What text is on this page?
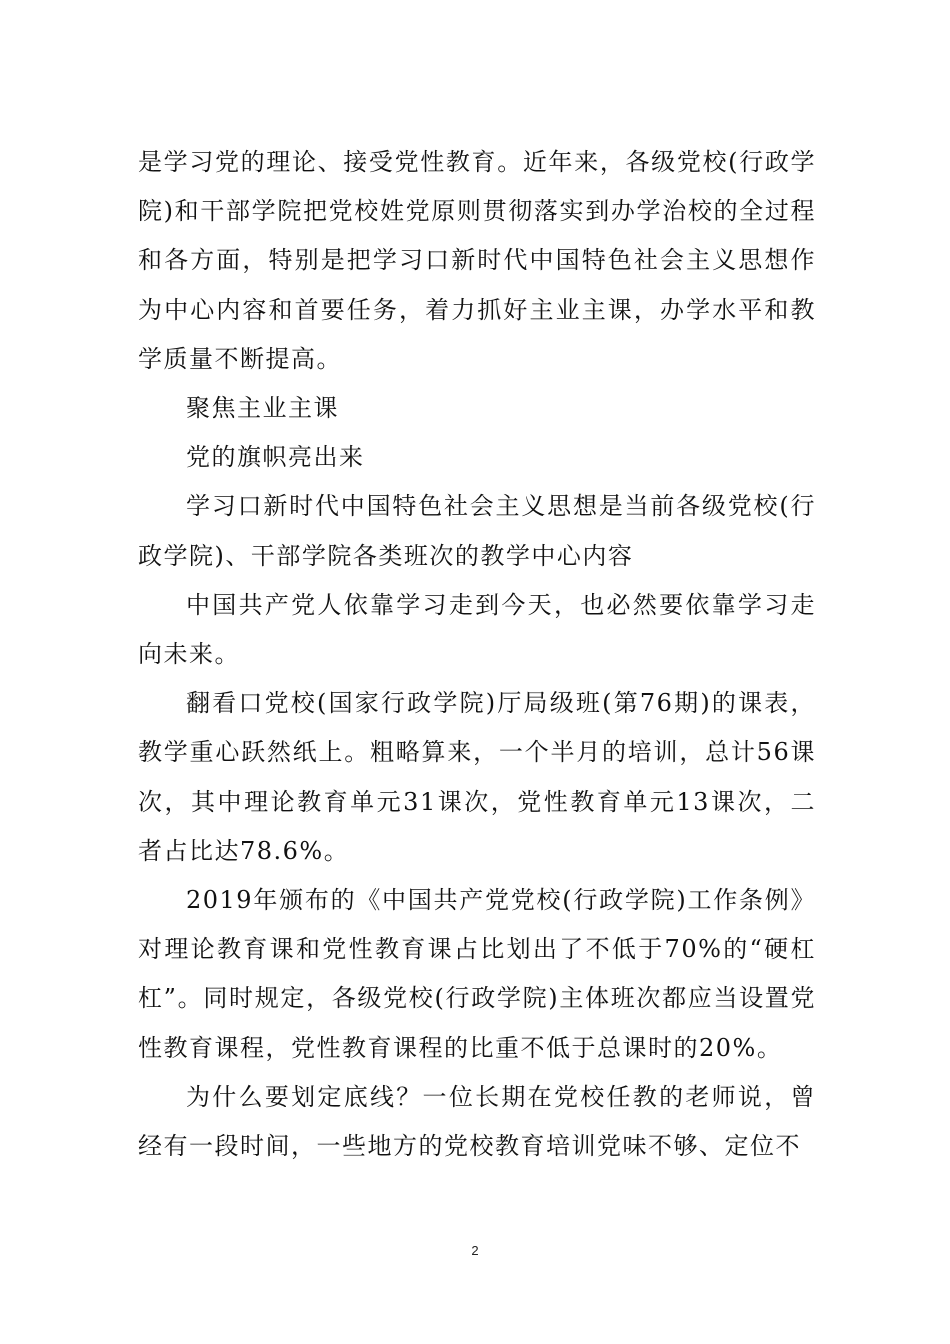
是学习党的理论、接受党性教育。近年来，各级党校(行政学院)和干部学院把党校姓党原则贯彻落实到办学治校的全过程和各方面，特别是把学习口新时代中国特色社会主义思想作为中心内容和首要任务，着力抓好主业主课，办学水平和教学质量不断提高。

聚焦主业主课

党的旗帜亮出来

学习口新时代中国特色社会主义思想是当前各级党校(行政学院)、干部学院各类班次的教学中心内容

中国共产党人依靠学习走到今天，也必然要依靠学习走向未来。

翻看口党校(国家行政学院)厅局级班(第76期)的课表，教学重心跃然纸上。粗略算来，一个半月的培训，总计56课次，其中理论教育单元31课次，党性教育单元13课次，二者占比达78.6%。

2019年颁布的《中国共产党党校(行政学院)工作条例》对理论教育课和党性教育课占比划出了不低于70%的“硬杠杠”。同时规定，各级党校(行政学院)主体班次都应当设置党性教育课程，党性教育课程的比重不低于总课时的20%。

为什么要划定底线？一位长期在党校任教的老师说，曾经有一段时间，一些地方的党校教育培训党味不够、定位不

2
